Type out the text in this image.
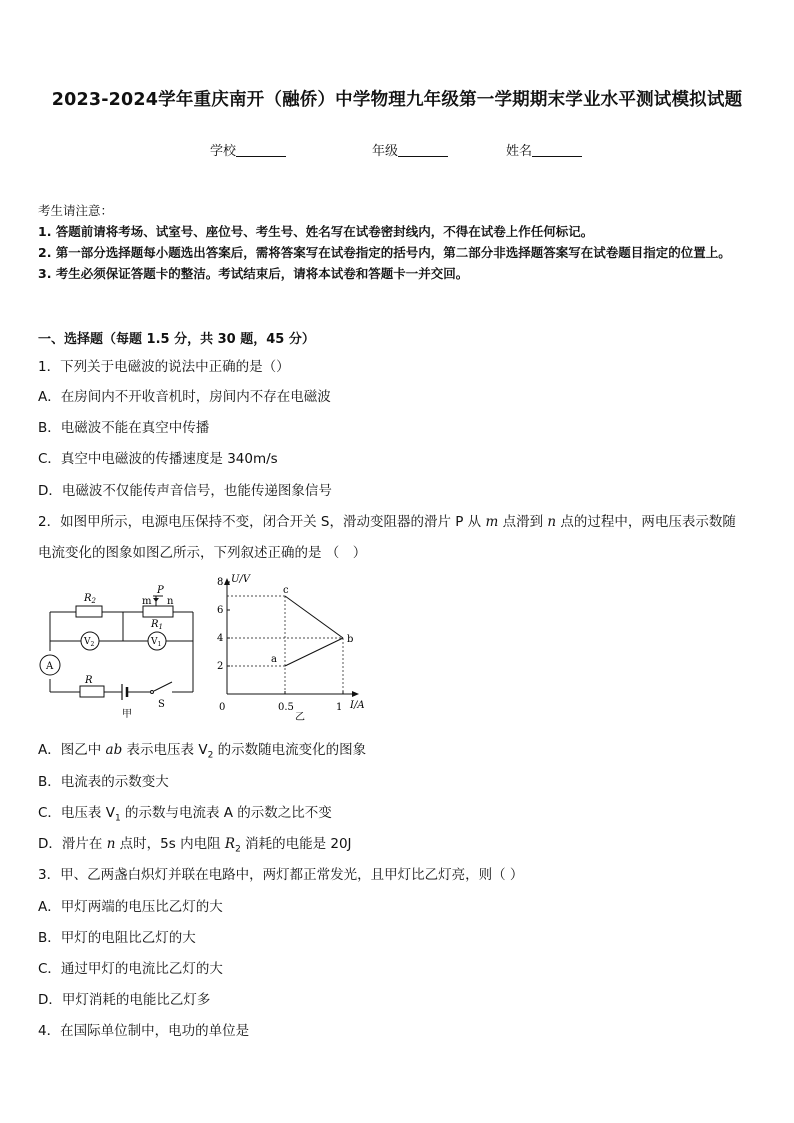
2023-2024学年重庆南开（融侨）中学物理九年级第一学期期末学业水平测试模拟试题
学校	年级	姓名
考生请注意：
1. 答题前请将考场、试室号、座位号、考生号、姓名写在试卷密封线内，不得在试卷上作任何标记。
2. 第一部分选择题每小题选出答案后，需将答案写在试卷指定的括号内，第二部分非选择题答案写在试卷题目指定的位置上。
3. 考生必须保证答题卡的整洁。考试结束后，请将本试卷和答题卡一并交回。
一、选择题（每题 1.5 分，共 30 题，45 分）
1．下列关于电磁波的说法中正确的是（）
A．在房间内不开收音机时，房间内不存在电磁波
B．电磁波不能在真空中传播
C．真空中电磁波的传播速度是 340m/s
D．电磁波不仅能传声音信号，也能传递图象信号
2．如图甲所示，电源电压保持不变，闭合开关 S，滑动变阻器的滑片 P 从 m 点滑到 n 点的过程中，两电压表示数随
电流变化的图象如图乙所示，下列叙述正确的是 （　）
$R_2$
$R_1$
P
m n
$V_2$	$V_1$
A
R
S
甲
2
4
6
8
0.5	1
U/V
I/A
0
乙
c
a
b
A．图乙中 ab 表示电压表 $V_2$ 的示数随电流变化的图象
B．电流表的示数变大
C．电压表 $V_1$ 的示数与电流表 A 的示数之比不变
D．滑片在 n 点时，5s 内电阻 $R_2$ 消耗的电能是 20J
3．甲、乙两盏白炽灯并联在电路中，两灯都正常发光，且甲灯比乙灯亮，则（ ）
A．甲灯两端的电压比乙灯的大
B．甲灯的电阻比乙灯的大
C．通过甲灯的电流比乙灯的大
D．甲灯消耗的电能比乙灯多
4．在国际单位制中，电功的单位是
